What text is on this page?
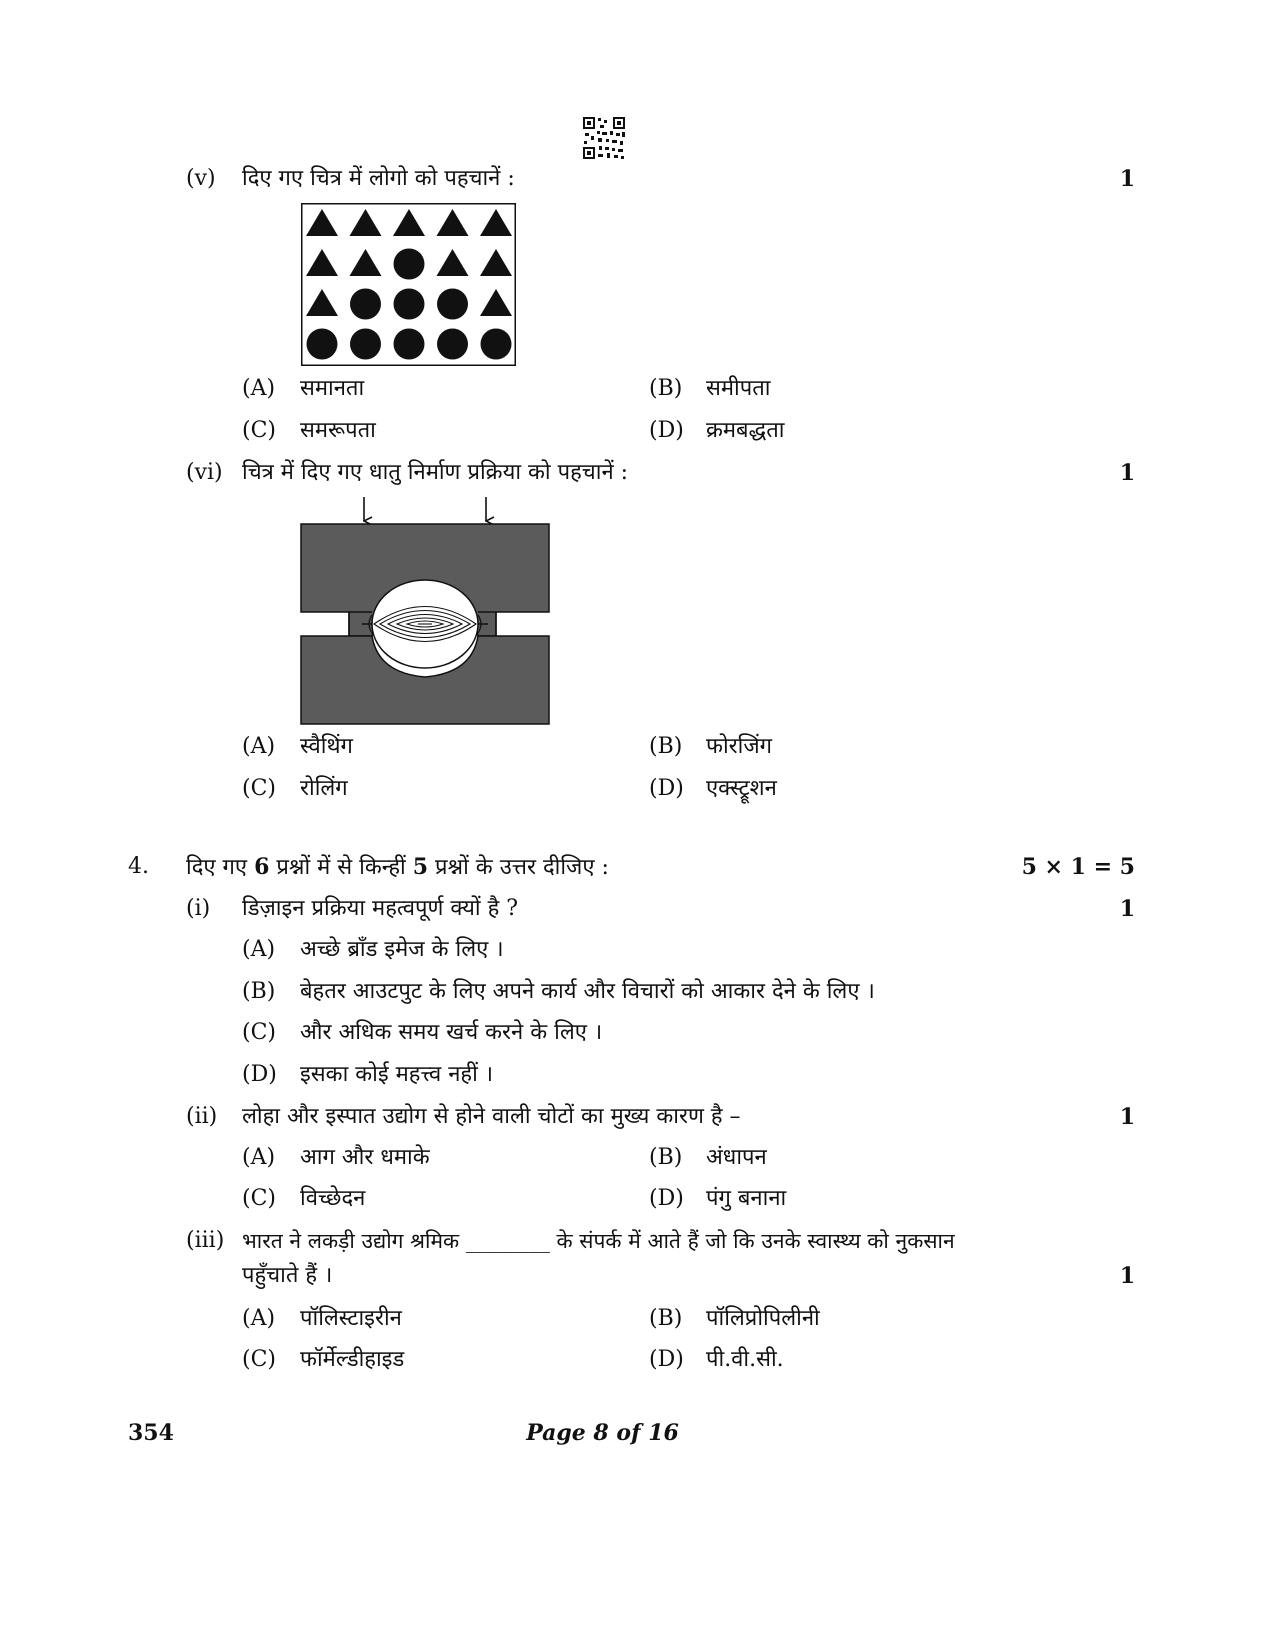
(v) दिए गए चित्र में लोगो को पहचानें :	1
(A) समानता	(B) समीपता
(C) समरूपता	(D) क्रमबद्धता
(vi) चित्र में दिए गए धातु निर्माण प्रक्रिया को पहचानें :	1
(A) स्वैथिंग	(B) फोरजिंग
(C) रोलिंग	(D) एक्स्ट्रूशन
4. दिए गए 6 प्रश्नों में से किन्हीं 5 प्रश्नों के उत्तर दीजिए :	5 × 1 = 5
(i) डिज़ाइन प्रक्रिया महत्वपूर्ण क्यों है ?	1
(A) अच्छे ब्रॉंड इमेज के लिए ।
(B) बेहतर आउटपुट के लिए अपने कार्य और विचारों को आकार देने के लिए ।
(C) और अधिक समय खर्च करने के लिए ।
(D) इसका कोई महत्त्व नहीं ।
(ii) लोहा और इस्पात उद्योग से होने वाली चोटों का मुख्य कारण है –	1
(A) आग और धमाके	(B) अंधापन
(C) विच्छेदन	(D) पंगु बनाना
(iii) भारत ने लकड़ी उद्योग श्रमिक ________ के संपर्क में आते हैं जो कि उनके स्वास्थ्य को नुकसान
पहुँचाते हैं ।	1
(A) पॉलिस्टाइरीन	(B) पॉलिप्रोपिलीनी
(C) फॉर्मेल्डीहाइड	(D) पी.वी.सी.
354	Page 8 of 16
